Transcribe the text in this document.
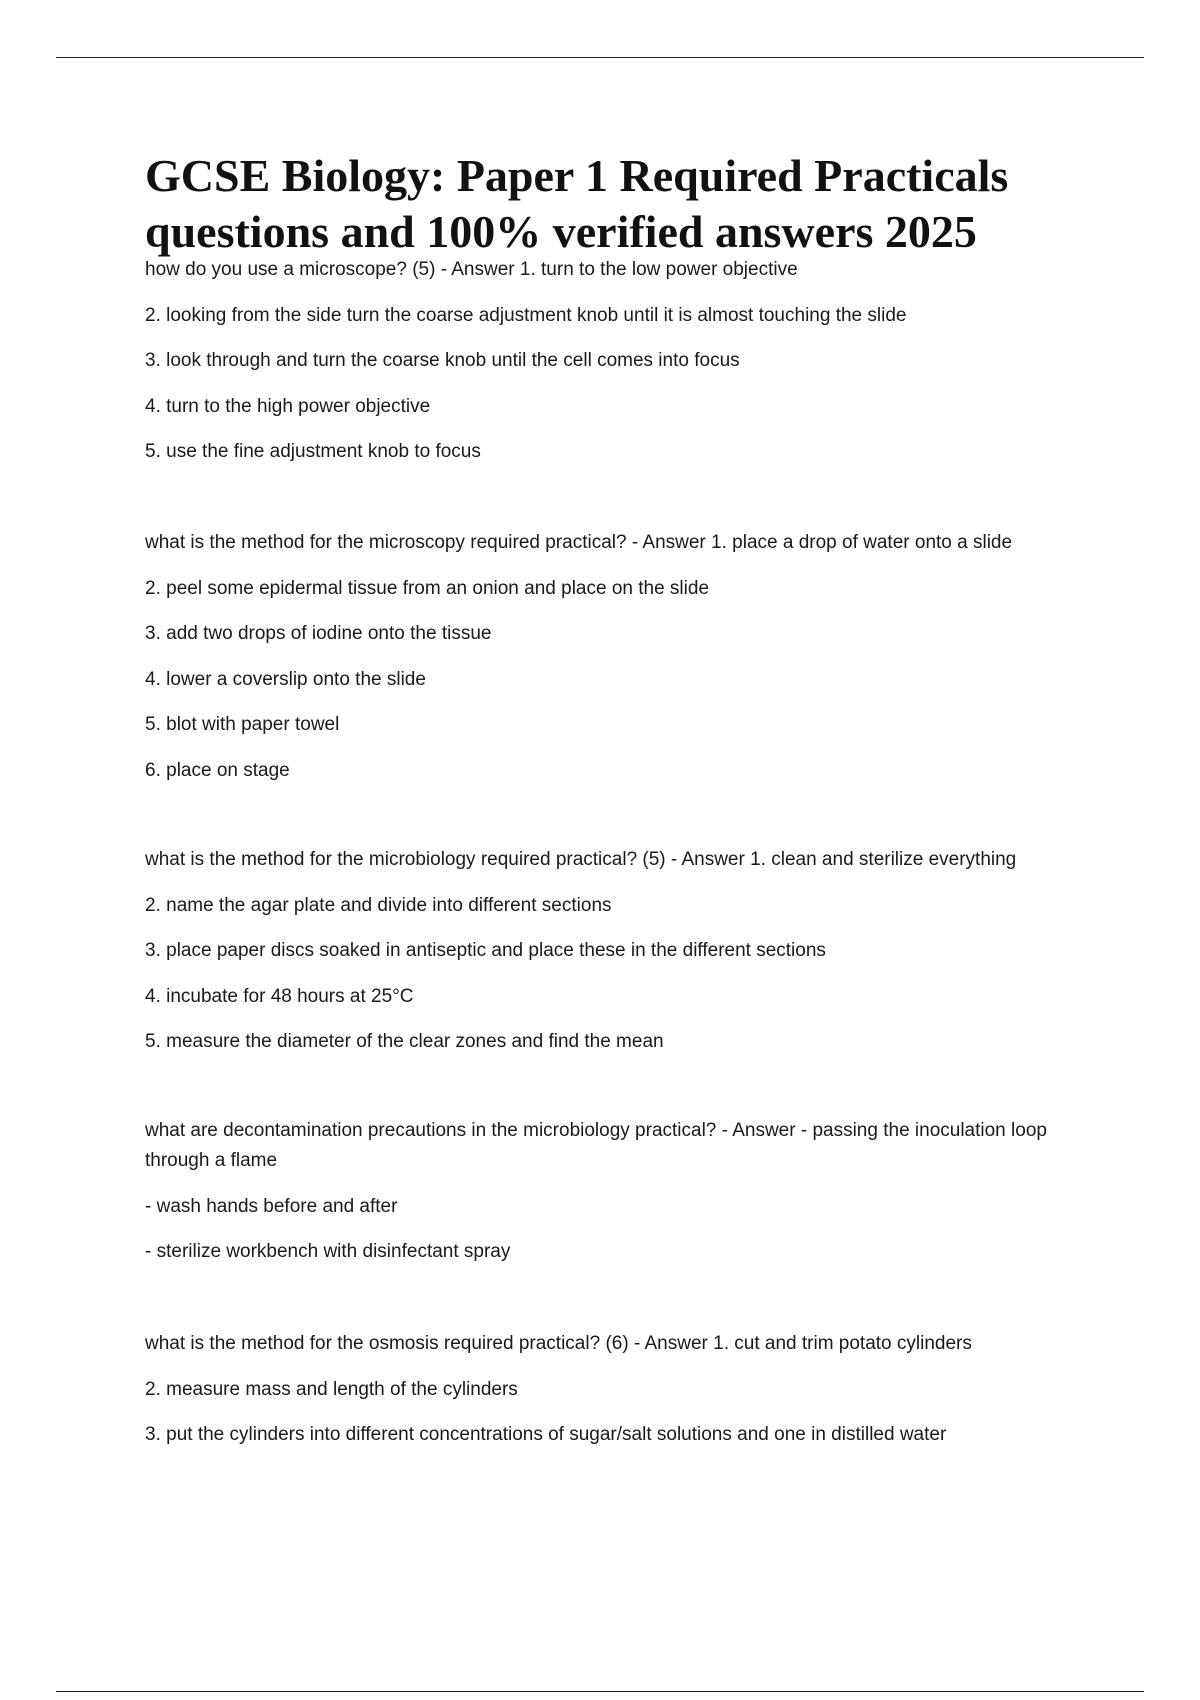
GCSE Biology: Paper 1 Required Practicals questions and 100% verified answers 2025
how do you use a microscope? (5) - Answer 1. turn to the low power objective
2. looking from the side turn the coarse adjustment knob until it is almost touching the slide
3. look through and turn the coarse knob until the cell comes into focus
4. turn to the high power objective
5. use the fine adjustment knob to focus
what is the method for the microscopy required practical? - Answer 1. place a drop of water onto a slide
2. peel some epidermal tissue from an onion and place on the slide
3. add two drops of iodine onto the tissue
4. lower a coverslip onto the slide
5. blot with paper towel
6. place on stage
what is the method for the microbiology required practical? (5) - Answer 1. clean and sterilize everything
2. name the agar plate and divide into different sections
3. place paper discs soaked in antiseptic and place these in the different sections
4. incubate for 48 hours at 25°C
5. measure the diameter of the clear zones and find the mean
what are decontamination precautions in the microbiology practical? - Answer - passing the inoculation loop through a flame
- wash hands before and after
- sterilize workbench with disinfectant spray
what is the method for the osmosis required practical? (6) - Answer 1. cut and trim potato cylinders
2. measure mass and length of the cylinders
3. put the cylinders into different concentrations of sugar/salt solutions and one in distilled water
